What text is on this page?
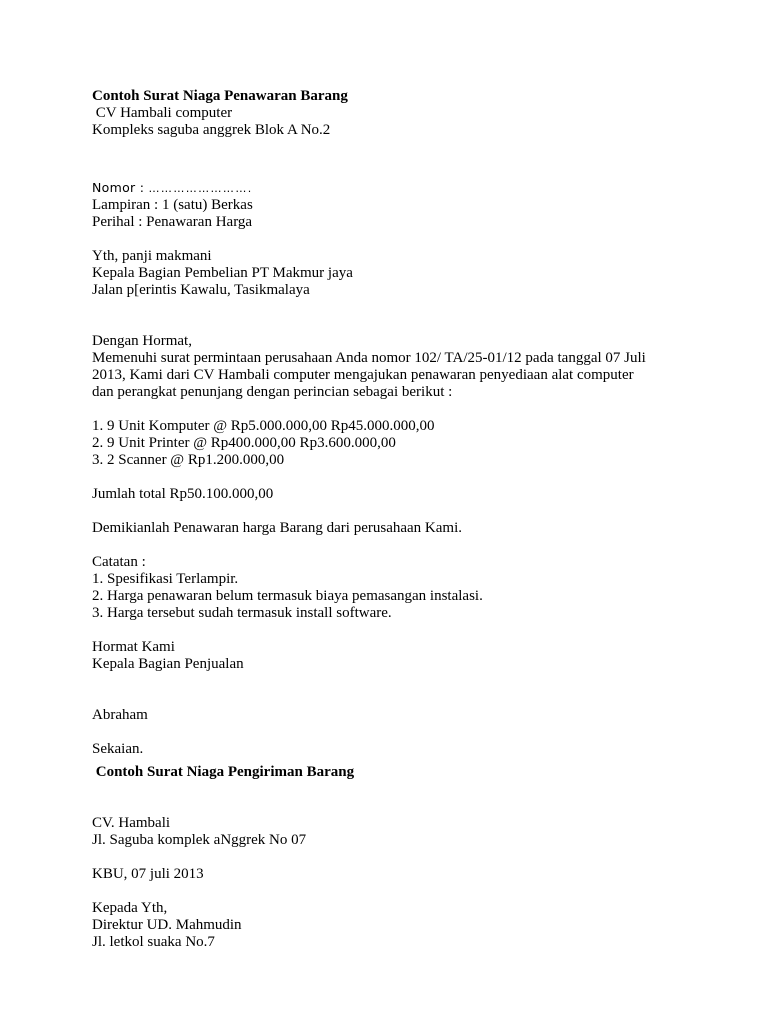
Contoh Surat Niaga Penawaran Barang
CV Hambali computer
Kompleks saguba anggrek Blok A No.2
Nomor : …………………….
Lampiran : 1 (satu) Berkas
Perihal : Penawaran Harga
Yth, panji makmani
Kepala Bagian Pembelian PT Makmur jaya
Jalan p[erintis Kawalu, Tasikmalaya
Dengan Hormat,
Memenuhi surat permintaan perusahaan Anda nomor 102/ TA/25-01/12 pada tanggal 07 Juli
2013, Kami dari CV Hambali computer mengajukan penawaran penyediaan alat computer
dan perangkat penunjang dengan perincian sebagai berikut :
1. 9 Unit Komputer @ Rp5.000.000,00 Rp45.000.000,00
2. 9 Unit Printer @ Rp400.000,00 Rp3.600.000,00
3. 2 Scanner @ Rp1.200.000,00
Jumlah total Rp50.100.000,00
Demikianlah Penawaran harga Barang dari perusahaan Kami.
Catatan :
1. Spesifikasi Terlampir.
2. Harga penawaran belum termasuk biaya pemasangan instalasi.
3. Harga tersebut sudah termasuk install software.
Hormat Kami
Kepala Bagian Penjualan
Abraham
Sekaian.
Contoh Surat Niaga Pengiriman Barang
CV. Hambali
Jl. Saguba komplek aNggrek No 07
KBU, 07 juli 2013
Kepada Yth,
Direktur UD. Mahmudin
Jl. letkol suaka No.7
